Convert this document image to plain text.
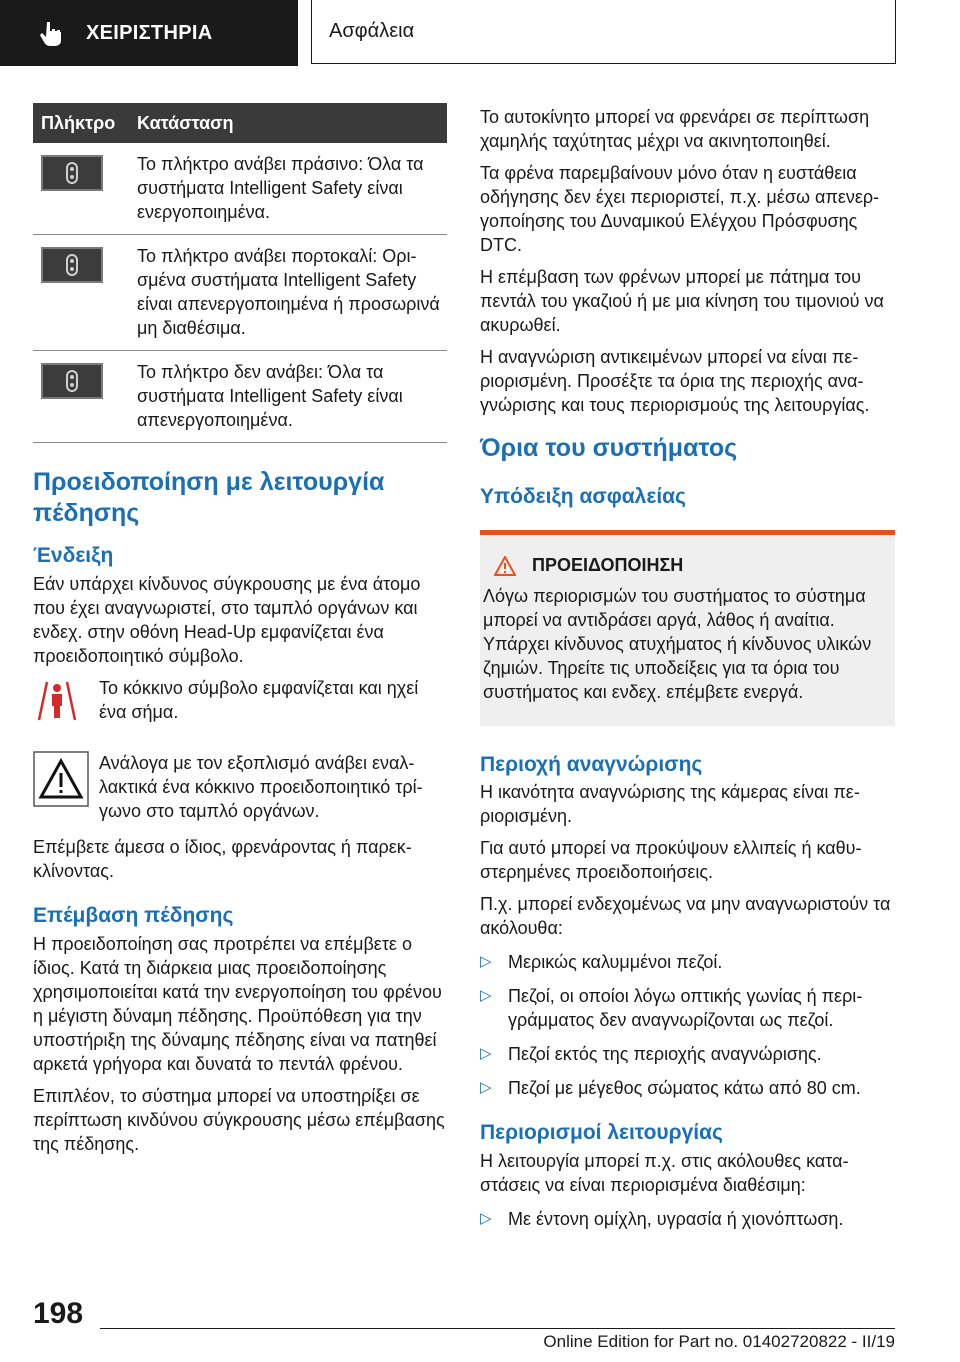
ΧΕΙΡΙΣΤΗΡΙΑ	Ασφάλεια
Πλήκτρο	Κατάσταση
Το πλήκτρο ανάβει πράσινο: Όλα τα συστήματα Intelligent Safety είναι ενεργοποιημένα.
Το πλήκτρο ανάβει πορτοκαλί: Ορισμένα συστήματα Intelligent Safety είναι απενεργοποιημένα ή προσωρινά μη διαθέσιμα.
Το πλήκτρο δεν ανάβει: Όλα τα συστήματα Intelligent Safety είναι απενεργοποιημένα.
Προειδοποίηση με λειτουργία πέδησης
Ένδειξη

Εάν υπάρχει κίνδυνος σύγκρουσης με ένα άτομο που έχει αναγνωριστεί, στο ταμπλό οργάνων και ενδεχ. στην οθόνη Head-Up εμφανίζεται ένα προειδοποιητικό σύμβολο.

Το κόκκινο σύμβολο εμφανίζεται και ηχεί ένα σήμα.
Ανάλογα με τον εξοπλισμό ανάβει εναλλακτικά ένα κόκκινο προειδοποιητικό τρίγωνο στο ταμπλό οργάνων.

Επέμβετε άμεσα ο ίδιος, φρενάροντας ή παρεκκλίνοντας.

Επέμβαση πέδησης

Η προειδοποίηση σας προτρέπει να επέμβετε ο ίδιος. Κατά τη διάρκεια μιας προειδοποίησης χρησιμοποιείται κατά την ενεργοποίηση του φρένου η μέγιστη δύναμη πέδησης. Προϋπόθεση για την υποστήριξη της δύναμης πέδησης είναι να πατηθεί αρκετά γρήγορα και δυνατά το πεντάλ φρένου.

Επιπλέον, το σύστημα μπορεί να υποστηρίξει σε περίπτωση κινδύνου σύγκρουσης μέσω επέμβασης της πέδησης.

Το αυτοκίνητο μπορεί να φρενάρει σε περίπτωση χαμηλής ταχύτητας μέχρι να ακινητοποιηθεί.

Τα φρένα παρεμβαίνουν μόνο όταν η ευστάθεια οδήγησης δεν έχει περιοριστεί, π.χ. μέσω απενεργοποίησης του Δυναμικού Ελέγχου Πρόσφυσης DTC.

Η επέμβαση των φρένων μπορεί με πάτημα του πεντάλ του γκαζιού ή με μια κίνηση του τιμονιού να ακυρωθεί.

Η αναγνώριση αντικειμένων μπορεί να είναι περιορισμένη. Προσέξτε τα όρια της περιοχής αναγνώρισης και τους περιορισμούς της λειτουργίας.

Όρια του συστήματος
Υπόδειξη ασφαλείας
ΠΡΟΕΙΔΟΠΟΙΗΣΗ

Λόγω περιορισμών του συστήματος το σύστημα μπορεί να αντιδράσει αργά, λάθος ή αναίτια. Υπάρχει κίνδυνος ατυχήματος ή κίνδυνος υλικών ζημιών. Τηρείτε τις υποδείξεις για τα όρια του συστήματος και ενδεχ. επέμβετε ενεργά.

Περιοχή αναγνώρισης

Η ικανότητα αναγνώρισης της κάμερας είναι περιορισμένη.

Για αυτό μπορεί να προκύψουν ελλιπείς ή καθυστερημένες προειδοποιήσεις.

Π.χ. μπορεί ενδεχομένως να μην αναγνωριστούν τα ακόλουθα:

▷ Μερικώς καλυμμένοι πεζοί.
▷ Πεζοί, οι οποίοι λόγω οπτικής γωνίας ή περιγράμματος δεν αναγνωρίζονται ως πεζοί.
▷ Πεζοί εκτός της περιοχής αναγνώρισης.
▷ Πεζοί με μέγεθος σώματος κάτω από 80 cm.
Περιορισμοί λειτουργίας

Η λειτουργία μπορεί π.χ. στις ακόλουθες καταστάσεις να είναι περιορισμένα διαθέσιμη:

▷ Με έντονη ομίχλη, υγρασία ή χιονόπτωση.
198
Online Edition for Part no. 01402720822 - II/19
